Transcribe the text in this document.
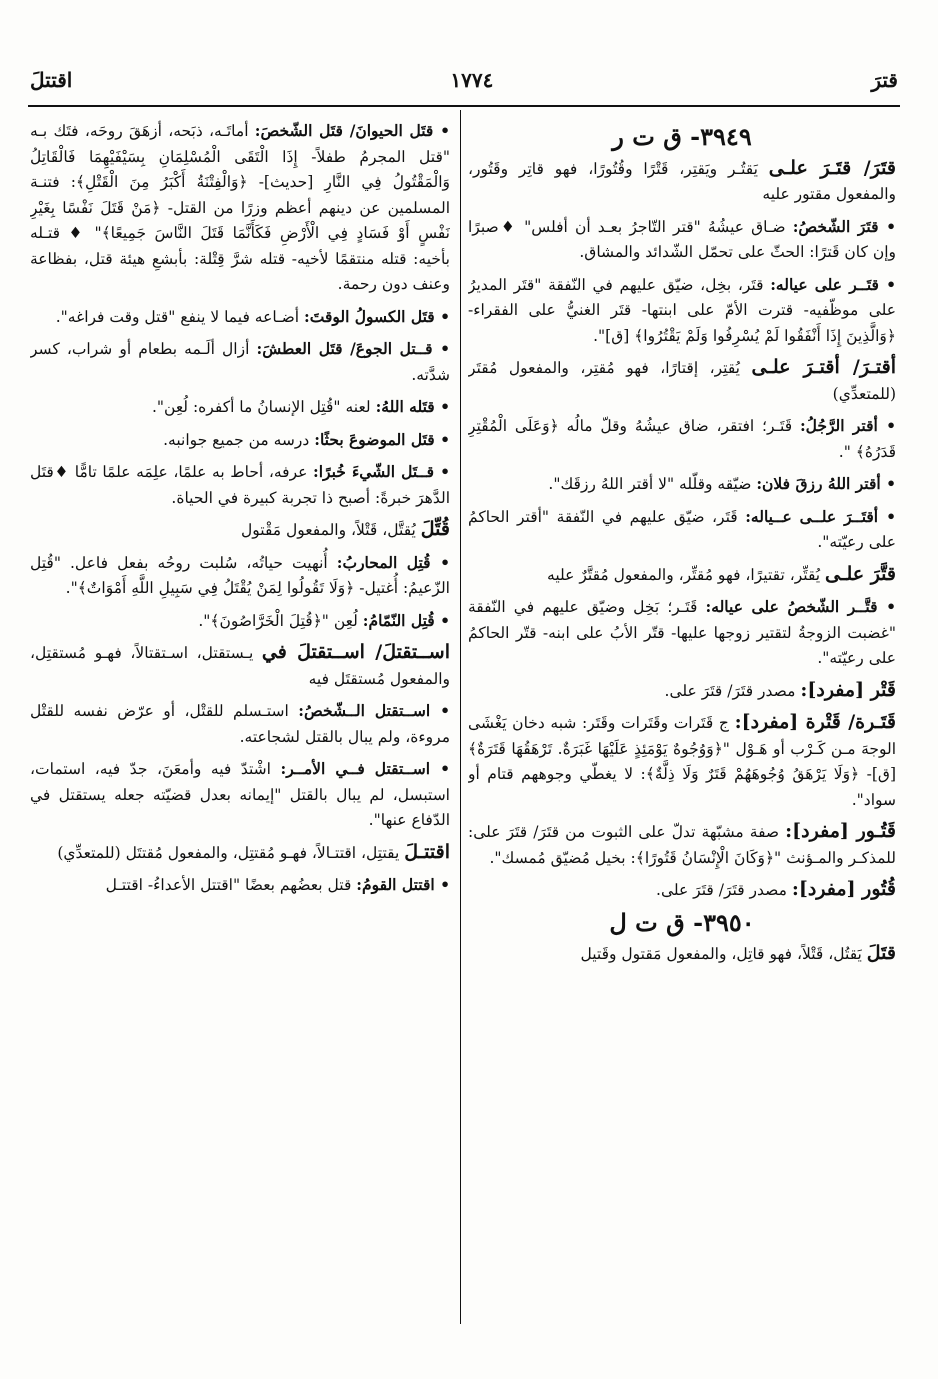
قترَ
١٧٧٤
اقتتلَ
٣٩٤٩- ق ت ر

قتَرَ/ قتَـرَ علـى يَقتُـر ويَقتِر، قَتْرًا وقُتُورًا، فهو قاتِر وقَتُور، والمفعول مقتور عليه

• قتَرَ الشّخصُ: ضـاق عيشُهُ "قتر التّاجرُ بعـد أن أفلس" ♦صبرًا وإن كان قَترًا: الحثّ على تحمّل الشّدائد والمشاق.

• قتَــر على عياله: قتَر، بخِل، ضيّق عليهم في النّفقة "قتَر المديرُ على موظّفيه- قترت الأمّ على ابنتها- قتَر الغنيُّ على الفقراء- ﴿وَالَّذِينَ إِذَا أَنْفَقُوا لَمْ يُسْرِفُوا وَلَمْ يَقْتُرُوا﴾ [ق]".

أقتـرَ/ أقتـرَ علـى يُقتِر، إقتارًا، فهو مُقتِر، والمفعول مُقتَر (للمتعدِّي)

• أقتر الرَّجُلُ: قَتَـر؛ افتقر، ضاق عيشُهُ وقلّ مالُه ﴿وَعَلَى الْمُقْتِرِ قَدَرُهُ﴾ ".

• أقتر اللهُ رزقَ فلان: ضيّقه وقلّله "لا أقتر اللهُ رزقَك".

• أقتَــرَ علــى عــياله: قَتَر، ضيّق عليهم في النّفقة "أقتر الحاكمُ على رعيّته".

قتَّرَ علـى يُقتِّر، تقتيرًا، فهو مُقتِّر، والمفعول مُقتَّرٌ عليه

• قتَّــر الشّخصُ على عياله: قَتَـر؛ بَخِل وضيّق عليهم في النّفقة "غضبت الزوجةُ لتقتير زوجها عليها- قتّر الأبُ على ابنه- قتّر الحاكمُ على رعيّته".

قَتْر [مفرد]: مصدر قتَرَ/ قتَرَ على.

قَتَـرة/ قَتْرة [مفرد]: ج قَتَرات وقَتَرات وقَتَر: شبه دخان يَغْشَى الوجهَ مـن كَـرْب أو هَـوْل "﴿وَوُجُوهٌ يَوْمَئِذٍ عَلَيْهَا غَبَرَةٌ. تَرْهَقُهَا قَتَرَةٌ﴾ [ق]- ﴿وَلَا يَرْهَقُ وُجُوهَهُمْ قَتَرٌ وَلَا ذِلَّةٌ﴾: لا يغطّي وجوههم قتام أو سواد".

قَتُـور [مفرد]: صفة مشبّهة تدلّ على الثبوت من قتَرَ/ قتَرَ على: للمذكـر والمـؤنث "﴿وَكَانَ الْإِنْسَانُ قَتُورًا﴾: بخيل مُضيّق مُمسك".

قُتُور [مفرد]: مصدر قتَرَ/ قتَرَ على.

٣٩٥٠- ق ت ل

قتَلَ يَقتُل، قَتْلاً، فهو قاتِل، والمفعول مَقتول وقَتيل

• قتَل الحيوانَ/ قتَل الشّخصَ: أماتَـه، ذبَحه، أزهَقَ روحَه، فتَك بـه "قتل المجرمُ طفلاً- إِذَا الْتَقَى الْمُسْلِمَانِ بِسَيْفَيْهِمَا فَالْقَاتِلُ وَالْمَقْتُولُ فِي النَّارِ [حديث]- ﴿وَالْفِتْنَةُ أَكْبَرُ مِنَ الْقَتْلِ﴾: فتنـة المسلمين عن دينهم أعظم وزرًا من القتل- ﴿مَنْ قَتَلَ نَفْسًا بِغَيْرِ نَفْسٍ أَوْ فَسَادٍ فِي الْأَرْضِ فَكَأَنَّمَا قَتَلَ النَّاسَ جَمِيعًا﴾" ♦ قتـله بأخيه: قتله منتقمًا لأخيه- قتله شرَّ قِتْلة: بأبشعِ هيئة قتل، بفظاعة وعنف دون رحمة.

• قتَل الكسولُ الوقتَ: أضـاعه فيما لا ينفع "قتل وقت فراغه".

• قــتل الجوعَ/ قتَل العطشَ: أزال ألَـمه بطعام أو شراب، كسر شدَّته.

• قتَله اللهُ: لعنه "قُتِل الإنسانُ ما أكفره: لُعِن".

• قتَل الموضوعَ بحثًا: درسه من جميع جوانبه.

• قــتَل الشّيءَ خُبرًا: عرفه، أحاط به علمًا، علِمَه علمًا تامًّا ♦قتَل الدَّهرَ خبرةً: أصبح ذا تجربة كبيرة في الحياة.

قُتِّلَ يُقتَّل، قَتْلاً، والمفعول مَقْتول

• قُتِل المحاربُ: أُنهيت حياتُه، سُلبت روحُه بفعل فاعل. "قُتِل الزّعيمُ: أُغتيل- ﴿وَلَا تَقُولُوا لِمَنْ يُقْتَلُ فِي سَبِيلِ اللَّهِ أَمْوَاتٌ﴾".

• قُتِل النّمّامُ: لُعِن "﴿قُتِلَ الْخَرَّاصُونَ﴾".

اســتقتلَ/ اســتقتلَ في يـستقتل، اسـتقتالاً، فهـو مُستقتِل، والمفعول مُستقتَل فيه

• اســتقتل الــشّخصُ: استـسلم للقتْل، أو عرّض نفسه للقتْل مروءة، ولم يبال بالقتل لشجاعته.

• اســتقتل فــي الأمــر: اشْتدّ فيه وأمعَنَ، جدّ فيه، استمات، استبسل، لم يبال بالقتل "إيمانه بعدل قضيّته جعله يستقتل في الدّفاع عنها".

اقتتـلَ يقتتِل، اقتتـالاً، فهـو مُقتتِل، والمفعول مُقتتَل (للمتعدِّي)

• اقتتل القومُ: قتل بعضُهم بعضًا "اقتتل الأعداءُ- اقتتـل
